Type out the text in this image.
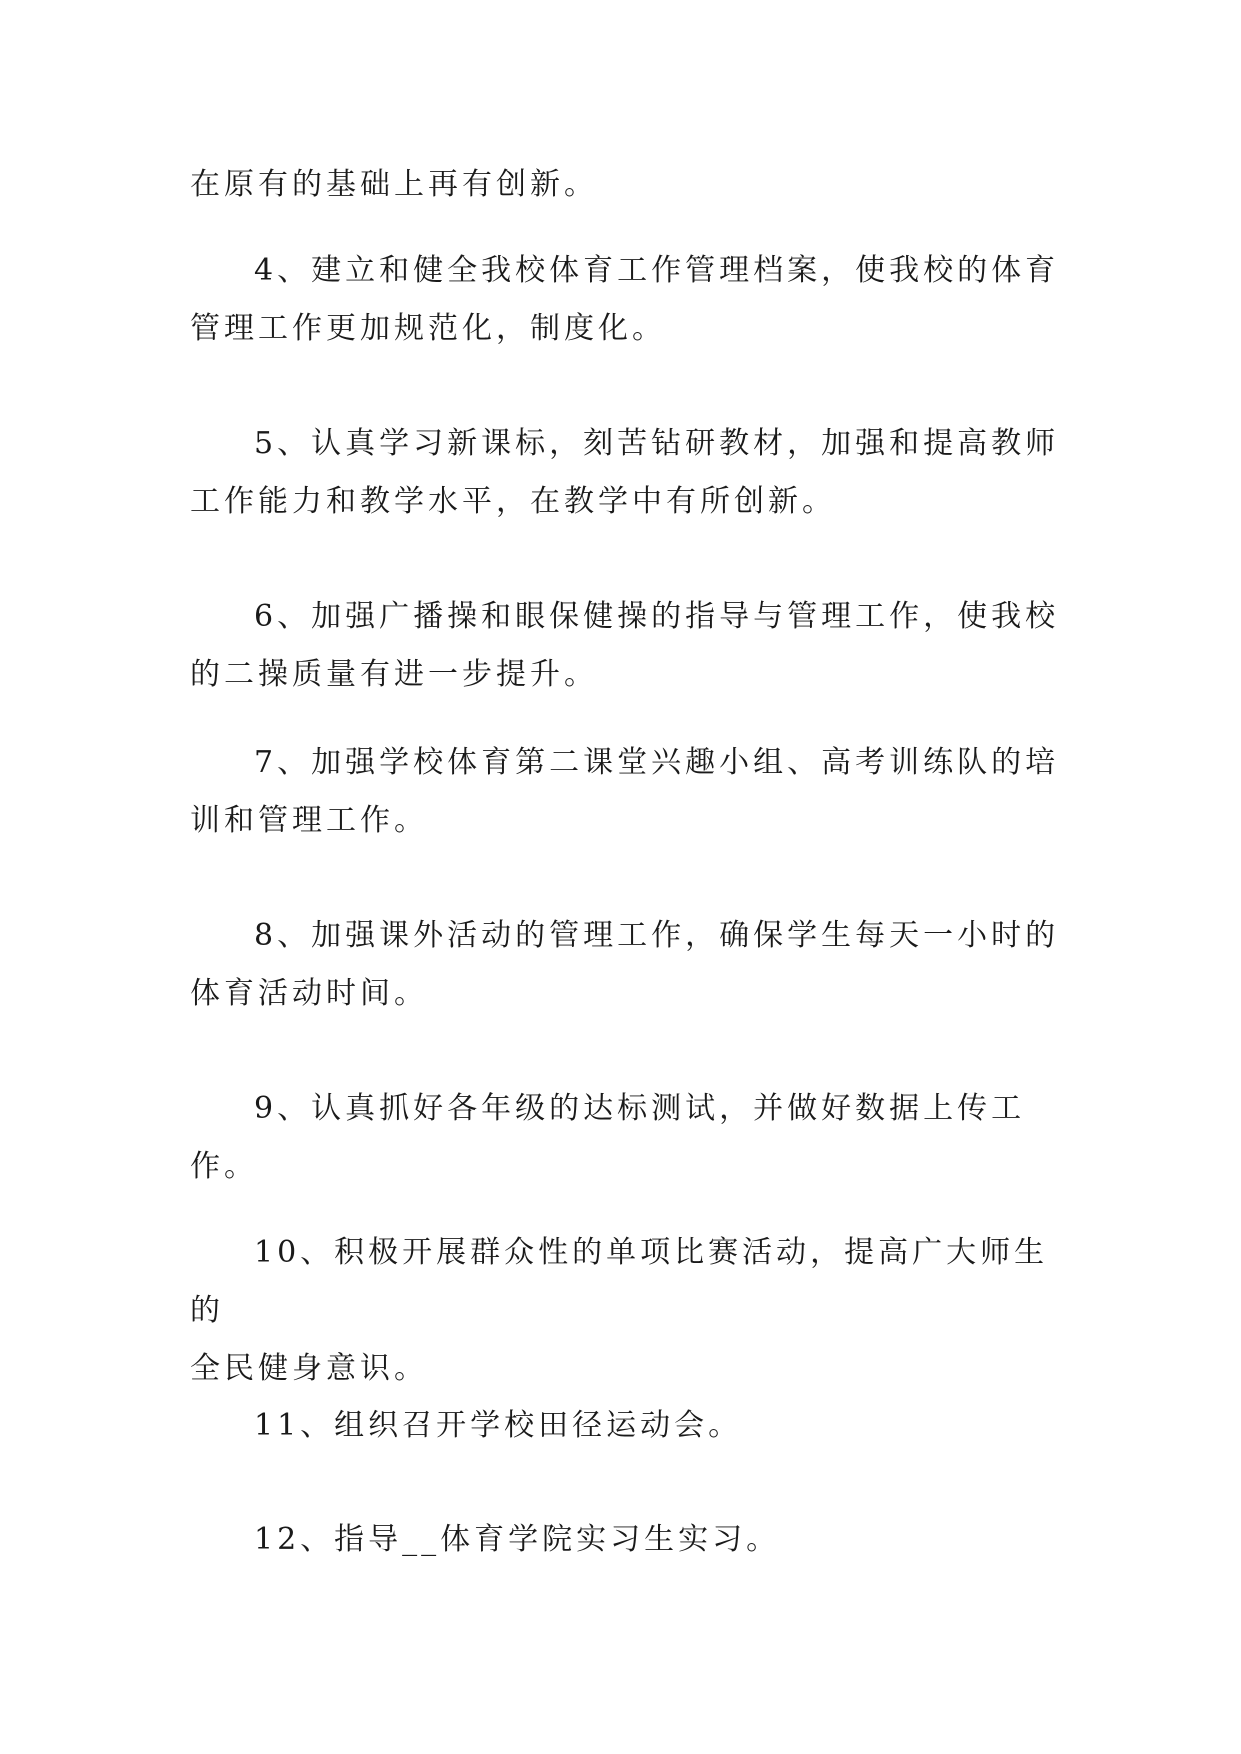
在原有的基础上再有创新。

4、建立和健全我校体育工作管理档案，使我校的体育
管理工作更加规范化，制度化。

5、认真学习新课标，刻苦钻研教材，加强和提高教师
工作能力和教学水平，在教学中有所创新。

6、加强广播操和眼保健操的指导与管理工作，使我校
的二操质量有进一步提升。

7、加强学校体育第二课堂兴趣小组、高考训练队的培
训和管理工作。

8、加强课外活动的管理工作，确保学生每天一小时的
体育活动时间。

9、认真抓好各年级的达标测试，并做好数据上传工作。

10、积极开展群众性的单项比赛活动，提高广大师生的
全民健身意识。

11、组织召开学校田径运动会。

12、指导__体育学院实习生实习。
